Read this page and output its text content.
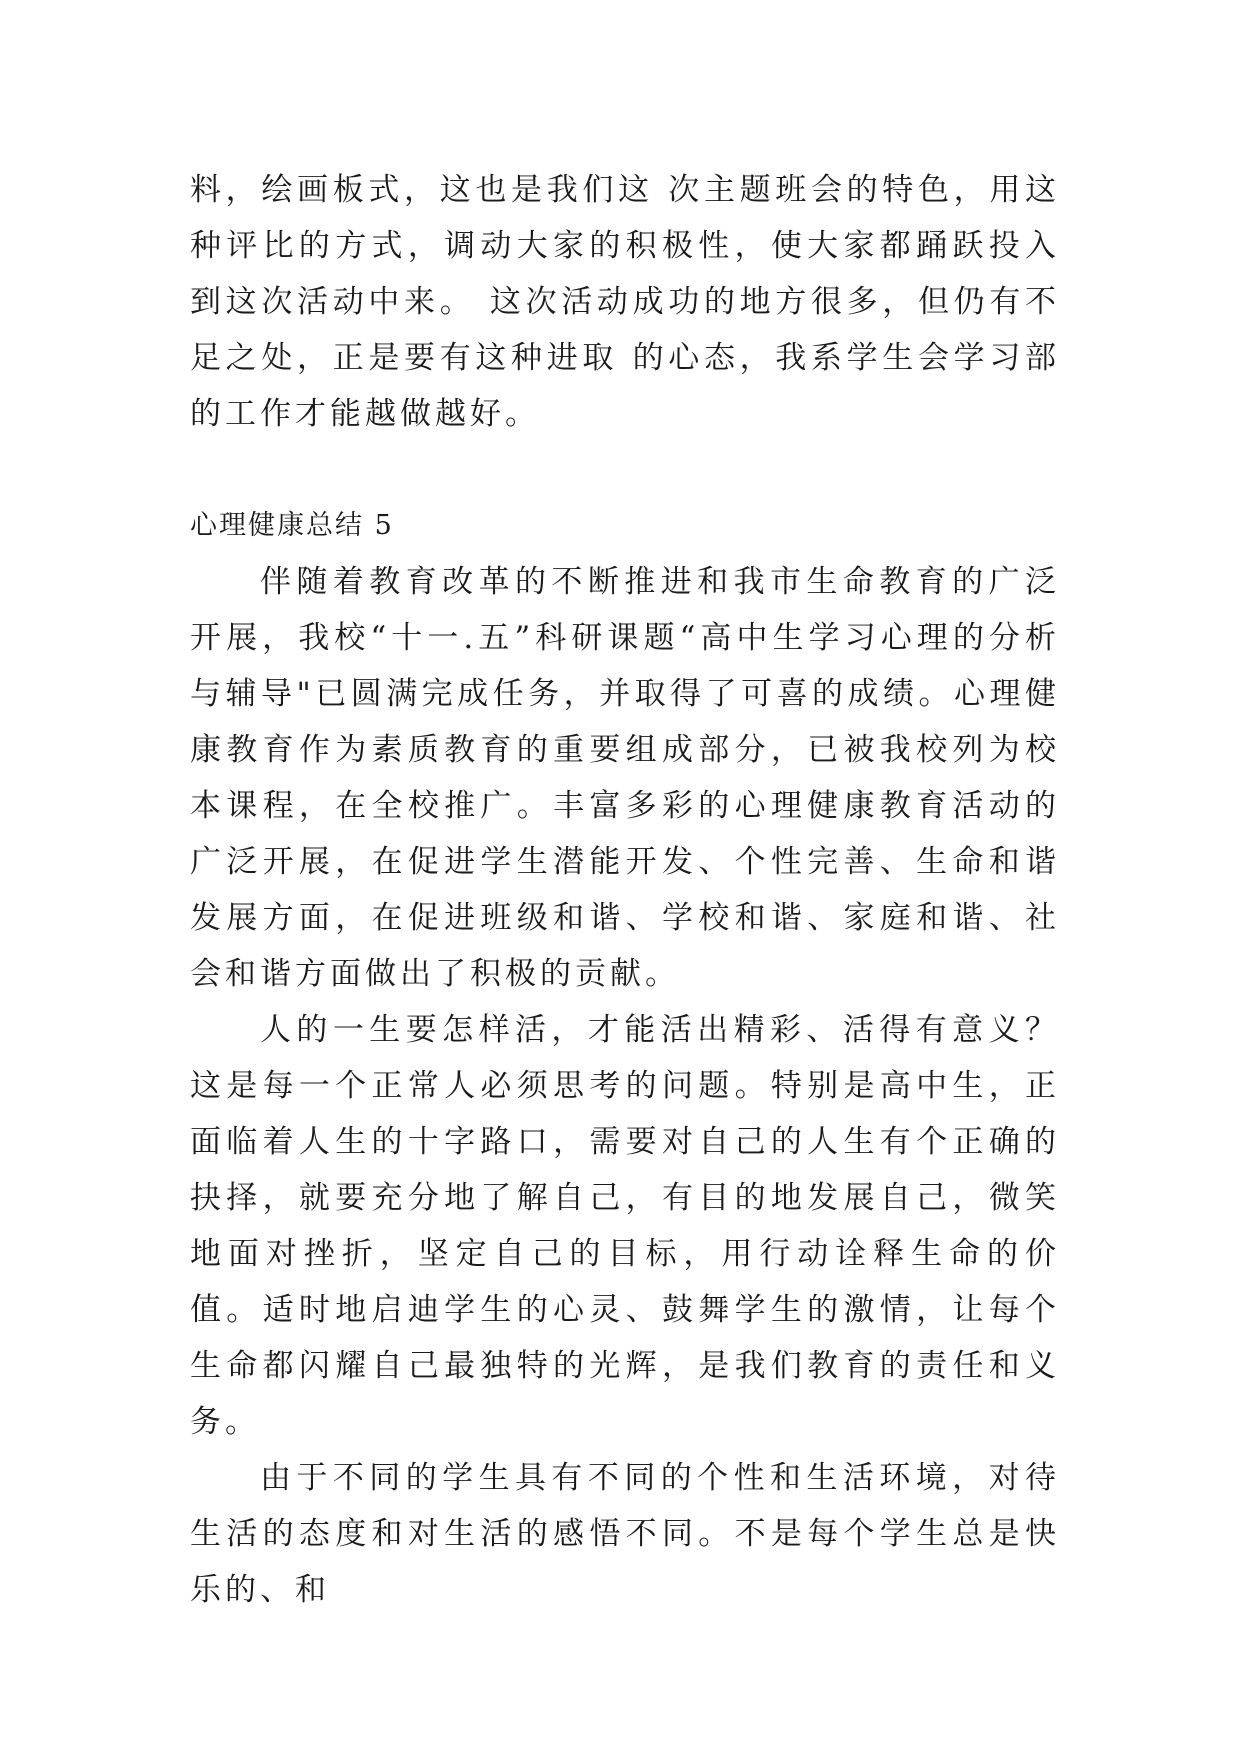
料，绘画板式，这也是我们这 次主题班会的特色，用这种评比的方式，调动大家的积极性，使大家都踊跃投入到这次活动中来。 这次活动成功的地方很多，但仍有不足之处，正是要有这种进取 的心态，我系学生会学习部的工作才能越做越好。

心理健康总结 5

伴随着教育改革的不断推进和我市生命教育的广泛开展，我校“十一.五”科研课题“高中生学习心理的分析与辅导"已圆满完成任务，并取得了可喜的成绩。心理健康教育作为素质教育的重要组成部分，已被我校列为校本课程，在全校推广。丰富多彩的心理健康教育活动的广泛开展，在促进学生潜能开发、个性完善、生命和谐发展方面，在促进班级和谐、学校和谐、家庭和谐、社会和谐方面做出了积极的贡献。

人的一生要怎样活，才能活出精彩、活得有意义？这是每一个正常人必须思考的问题。特别是高中生，正面临着人生的十字路口，需要对自己的人生有个正确的抉择，就要充分地了解自己，有目的地发展自己，微笑地面对挫折，坚定自己的目标，用行动诠释生命的价值。适时地启迪学生的心灵、鼓舞学生的激情，让每个生命都闪耀自己最独特的光辉，是我们教育的责任和义务。

由于不同的学生具有不同的个性和生活环境，对待生活的态度和对生活的感悟不同。不是每个学生总是快乐的、和
